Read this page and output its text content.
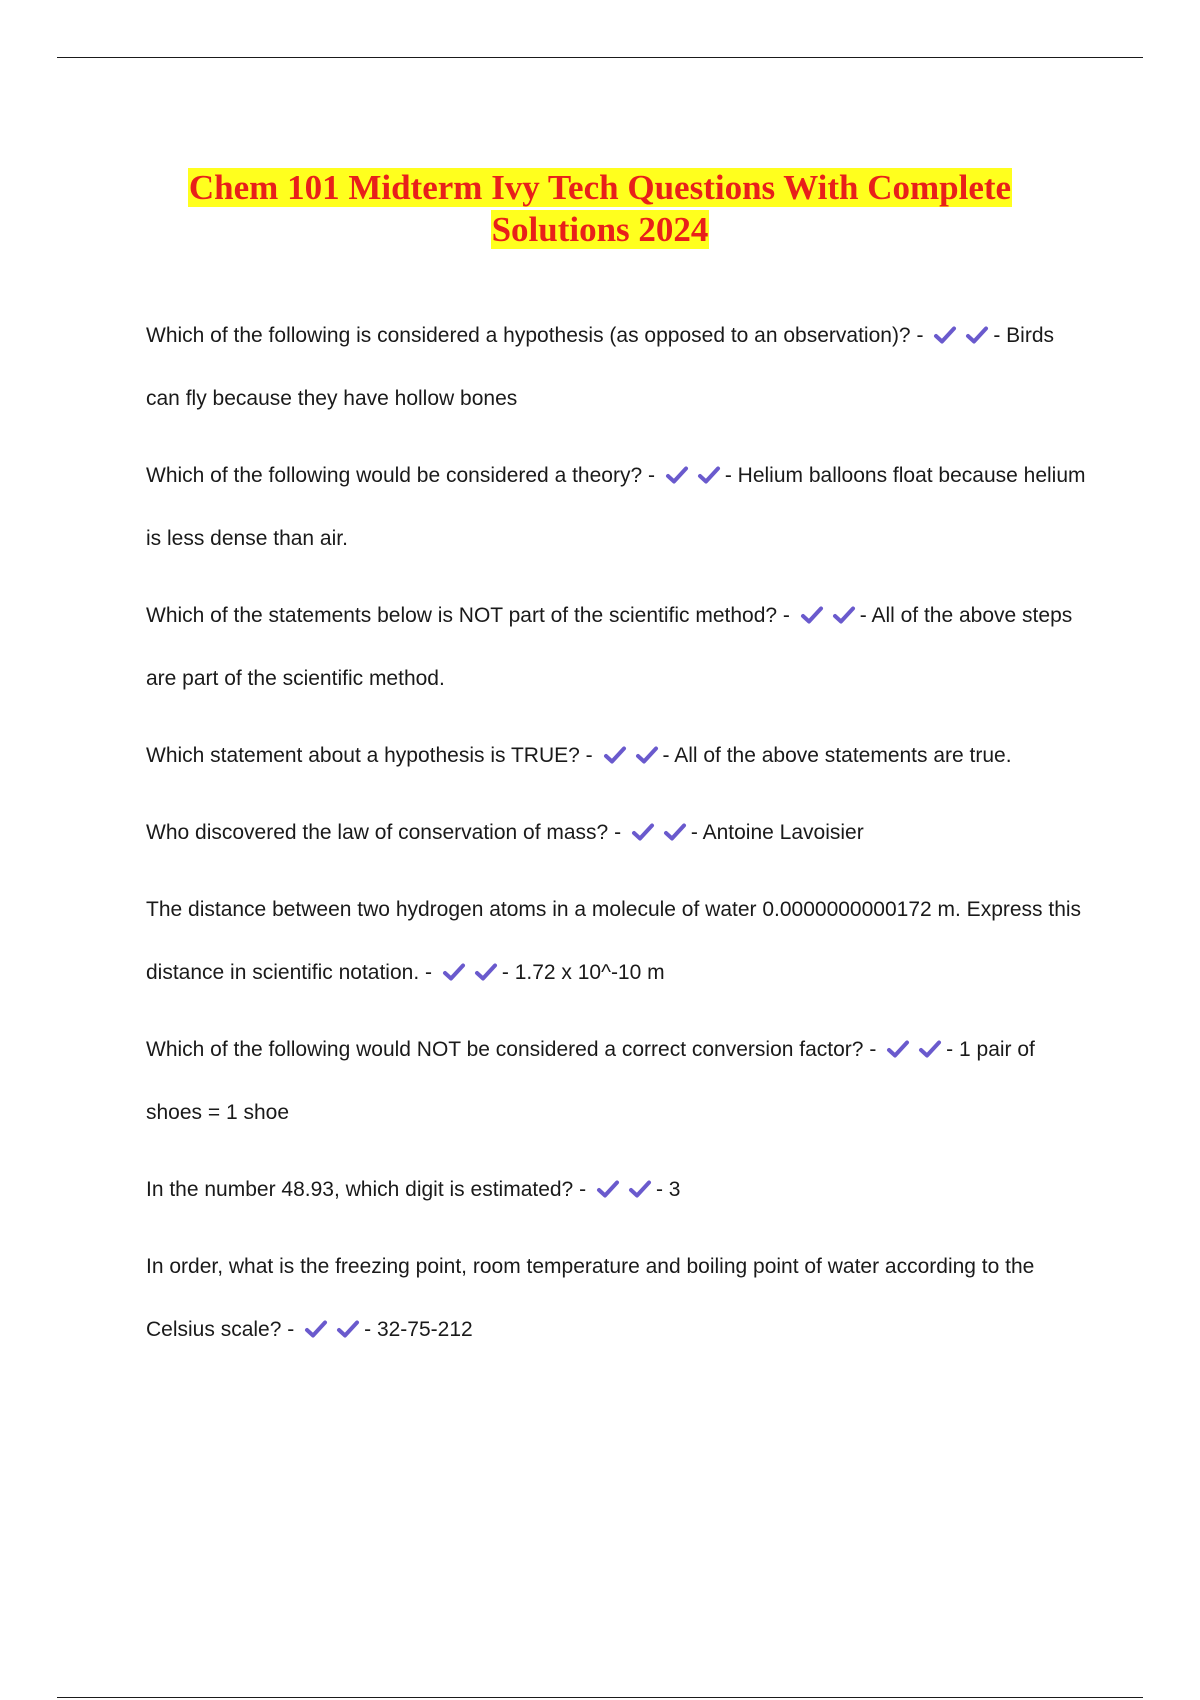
Chem 101 Midterm Ivy Tech Questions With Complete
Solutions 2024
Which of the following is considered a hypothesis (as opposed to an observation)? -	- Birds can fly because they have hollow bones
Which of the following would be considered a theory? -	- Helium balloons float because helium is less dense than air.
Which of the statements below is NOT part of the scientific method? -	- All of the above steps are part of the scientific method.
Which statement about a hypothesis is TRUE? -	- All of the above statements are true.
Who discovered the law of conservation of mass? -	- Antoine Lavoisier
The distance between two hydrogen atoms in a molecule of water 0.0000000000172 m. Express this distance in scientific notation. -	- 1.72 x 10^-10 m
Which of the following would NOT be considered a correct conversion factor? -	- 1 pair of shoes = 1 shoe
In the number 48.93, which digit is estimated? -	- 3
In order, what is the freezing point, room temperature and boiling point of water according to the Celsius scale? -	- 32-75-212
